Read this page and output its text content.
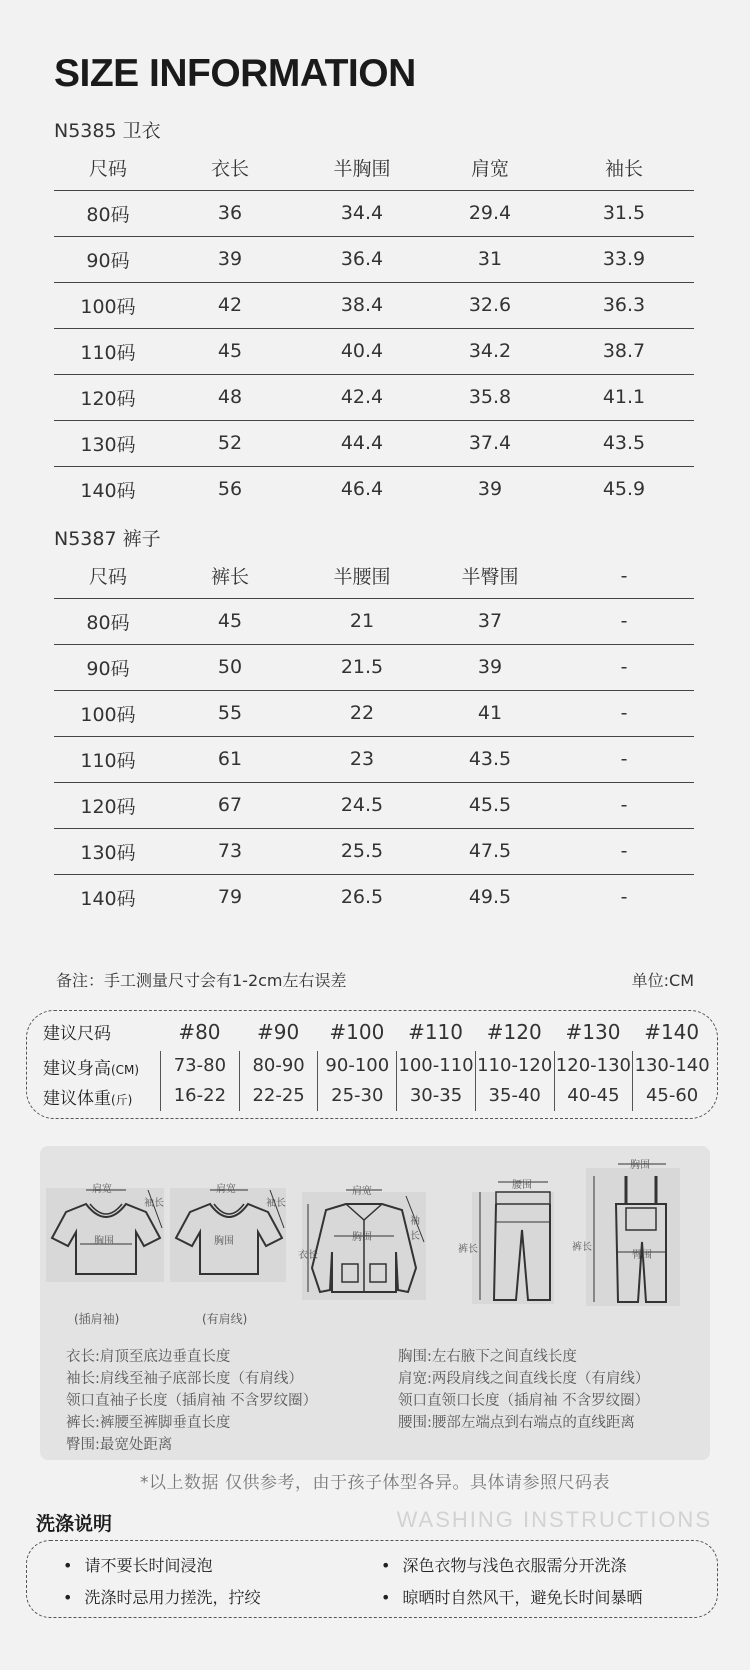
SIZE INFORMATION
N5385 卫衣
尺码	衣长	半胸围	肩宽	袖长
80码	36	34.4	29.4	31.5
90码	39	36.4	31	33.9
100码	42	38.4	32.6	36.3
110码	45	40.4	34.2	38.7
120码	48	42.4	35.8	41.1
130码	52	44.4	37.4	43.5
140码	56	46.4	39	45.9
N5387 裤子
尺码	裤长	半腰围	半臀围	-
80码	45	21	37	-
90码	50	21.5	39	-
100码	55	22	41	-
110码	61	23	43.5	-
120码	67	24.5	45.5	-
130码	73	25.5	47.5	-
140码	79	26.5	49.5	-
备注：手工测量尺寸会有1-2cm左右误差	单位:CM
建议尺码	#80	#90	#100	#110	#120	#130	#140
建议身高(CM)	73-80	80-90	90-100 100-110 110-120 120-130 130-140
建议体重(斤)	16-22	22-25	25-30	30-35	35-40	40-45	45-60
肩宽
袖长
胸围
(插肩袖)
肩宽
袖长
胸围
(有肩线)
肩宽
胸围
衣长
袖长
腰围
裤长
胸围
臀围
裤长
衣长:肩顶至底边垂直长度
袖长:肩线至袖子底部长度（有肩线）
领口直袖子长度（插肩袖 不含罗纹圈）
裤长:裤腰至裤脚垂直长度
臀围:最宽处距离
胸围:左右腋下之间直线长度
肩宽:两段肩线之间直线长度（有肩线）
领口直领口长度（插肩袖 不含罗纹圈）
腰围:腰部左端点到右端点的直线距离
*以上数据 仅供参考，由于孩子体型各异。具体请参照尺码表
洗涤说明	WASHING INSTRUCTIONS
• 请不要长时间浸泡	• 深色衣物与浅色衣服需分开洗涤
• 洗涤时忌用力搓洗，拧绞	• 晾晒时自然风干，避免长时间暴晒
